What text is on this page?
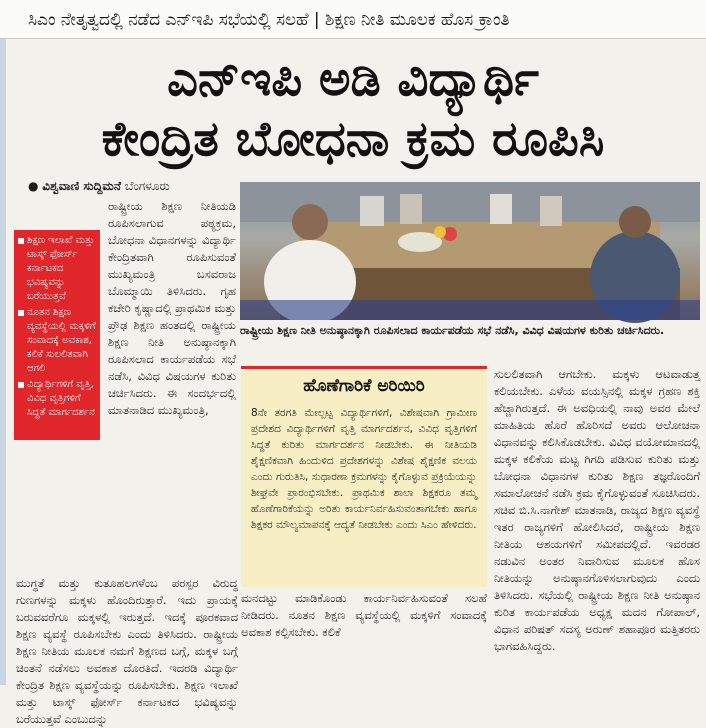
ಸಿಎಂ ನೇತೃತ್ವದಲ್ಲಿ ನಡೆದ ಎನ್‌ಇಪಿ ಸಭೆಯಲ್ಲಿ ಸಲಹೆ | ಶಿಕ್ಷಣ ನೀತಿ ಮೂಲಕ ಹೊಸ ಕ್ರಾಂತಿ
ಎನ್‌ಇಪಿ ಅಡಿ ವಿದ್ಯಾರ್ಥಿ
ಕೇಂದ್ರಿತ ಬೋಧನಾ ಕ್ರಮ ರೂಪಿಸಿ
● ವಿಶ್ವವಾಣಿ ಸುದ್ದಿಮನೆ ಬೆಂಗಳೂರು
ರಾಷ್ಟ್ರೀಯ ಶಿಕ್ಷಣ ನೀತಿಯಡಿ ರೂಪಿಸಲಾಗುವ ಪಠ್ಯಕ್ರಮ, ಬೋಧನಾ ವಿಧಾನಗಳನ್ನು ವಿದ್ಯಾರ್ಥಿ ಕೇಂದ್ರಿತವಾಗಿ ರೂಪಿಸುವಂತೆ ಮುಖ್ಯಮಂತ್ರಿ ಬಸವರಾಜ ಬೊಮ್ಮಾಯಿ ತಿಳಿಸಿದರು. ಗೃಹ ಕಚೇರಿ ಕೃಷ್ಣಾದಲ್ಲಿ ಪ್ರಾಥಮಿಕ ಮತ್ತು ಪ್ರೌಢ ಶಿಕ್ಷಣ ಹಂತದಲ್ಲಿ ರಾಷ್ಟ್ರೀಯ ಶಿಕ್ಷಣ ನೀತಿ ಅನುಷ್ಠಾನಕ್ಕಾಗಿ ರೂಪಿಸಲಾದ ಕಾರ್ಯಪಡೆಯ ಸಭೆ ನಡೆಸಿ, ವಿವಿಧ ವಿಷಯಗಳ ಕುರಿತು ಚರ್ಚಿಸಿದರು. ಈ ಸಂದರ್ಭದಲ್ಲಿ ಮಾತನಾಡಿದ ಮುಖ್ಯಮಂತ್ರಿ,
ಶಿಕ್ಷಣ ಇಲಾಖೆ ಮತ್ತು ಟಾಸ್ಕ್ ಫೋರ್ಸ್ ಕರ್ನಾಟಕದ ಭವಿಷ್ಯವನ್ನು ಬರೆಯುತ್ತವೆ
ನೂತನ ಶಿಕ್ಷಣ ವ್ಯವಸ್ಥೆಯಲ್ಲಿ ಮಕ್ಕಳಿಗೆ ಸಂವಾದಕ್ಕೆ ಅವಕಾಶ, ಕಲಿಕೆ ಸುಲಲಿತವಾಗಿ ಆಗಲಿ
ವಿದ್ಯಾರ್ಥಿಗಳಿಗೆ ವೃತ್ತಿ, ವಿವಿಧ ವೃತ್ತಿಗಳಿಗೆ ಸಿದ್ಧತೆ ಮಾರ್ಗದರ್ಶನ
ಮುಗ್ಧತೆ ಮತ್ತು ಕುತೂಹಲಗಳೆಂಬ ಪರಸ್ಪರ ವಿರುದ್ಧ ಗುಣಗಳನ್ನು ಮಕ್ಕಳು ಹೊಂದಿರುತ್ತಾರೆ. ಇದು ಪ್ರಾಯಕ್ಕೆ ಬರುವವರೆಗೂ ಮಕ್ಕಳಲ್ಲಿ ಇರುತ್ತದೆ. ಇದಕ್ಕೆ ಪೂರಕವಾದ ಶಿಕ್ಷಣ ವ್ಯವಸ್ಥೆ ರೂಪಿಸಬೇಕು ಎಂದು ತಿಳಿಸಿದರು. ರಾಷ್ಟ್ರೀಯ ಶಿಕ್ಷಣ ನೀತಿಯ ಮೂಲಕ ನಮಗೆ ಶಿಕ್ಷಣದ ಬಗ್ಗೆ, ಮಕ್ಕಳ ಬಗ್ಗೆ ಚಿಂತನೆ ನಡೆಸಲು ಅವಕಾಶ ದೊರತಿದೆ. ಇದರಡಿ ವಿದ್ಯಾರ್ಥಿ ಕೇಂದ್ರಿತ ಶಿಕ್ಷಣ ವ್ಯವಸ್ಥೆಯನ್ನು ರೂಪಿಸಬೇಕು. ಶಿಕ್ಷಣ ಇಲಾಖೆ ಮತ್ತು ಟಾಸ್ಕ್ ಫೋರ್ಸ್ ಕರ್ನಾಟಕದ ಭವಿಷ್ಯವನ್ನು ಬರೆಯುತ್ತವೆ ಎಂಬುದನ್ನು
ರಾಷ್ಟ್ರೀಯ ಶಿಕ್ಷಣ ನೀತಿ ಅನುಷ್ಠಾನಕ್ಕಾಗಿ ರೂಪಿಸಲಾದ ಕಾರ್ಯಪಡೆಯ ಸಭೆ ನಡೆಸಿ, ವಿವಿಧ ವಿಷಯಗಳ ಕುರಿತು ಚರ್ಚಿಸಿದರು.
ಹೊಣೆಗಾರಿಕೆ ಅರಿಯಿರಿ
8ನೇ ತರಗತಿ ಮೇಲ್ಪಟ್ಟ ವಿದ್ಯಾರ್ಥಿಗಳಿಗೆ, ವಿಶೇಷವಾಗಿ ಗ್ರಾಮೀಣ ಪ್ರದೇಶದ ವಿದ್ಯಾರ್ಥಿಗಳಿಗೆ ವೃತ್ತಿ ಮಾರ್ಗದರ್ಶನ, ವಿವಿಧ ವೃತ್ತಿಗಳಿಗೆ ಸಿದ್ಧತೆ ಕುರಿತು ಮಾರ್ಗದರ್ಶನ ನೀಡಬೇಕು. ಈ ನೀತಿಯಡಿ ಶೈಕ್ಷಣಿಕವಾಗಿ ಹಿಂದುಳಿದ ಪ್ರದೇಶಗಳನ್ನು ವಿಶೇಷ ಶೈಕ್ಷಣಿಕ ವಲಯ ಎಂದು ಗುರುತಿಸಿ, ಸುಧಾರಣಾ ಕ್ರಮಗಳನ್ನು ಕೈಗೊಳ್ಳುವ ಪ್ರಕ್ರಿಯೆಯನ್ನು ಶೀಘ್ರವೇ ಪ್ರಾರಂಭಿಸಬೇಕು. ಪ್ರಾಥಮಿಕ ಶಾಲಾ ಶಿಕ್ಷಕರೂ ತಮ್ಮ ಹೊಣೆಗಾರಿಕೆಯನ್ನು ಅರಿತು ಕಾರ್ಯನಿರ್ವಹಿಸುವಂತಾಗಬೇಕು ಹಾಗೂ ಶಿಕ್ಷಕರ ಮೌಲ್ಯಮಾಪನಕ್ಕೆ ಆದ್ಯತೆ ನೀಡಬೇಕು ಎಂದು ಸಿಎಂ ಹೇಳಿದರು.
ಮನದಟ್ಟು ಮಾಡಿಕೊಂಡು ಕಾರ್ಯನಿರ್ವಹಿಸುವಂತೆ ಸಲಹೆ ನೀಡಿದರು. ನೂತನ ಶಿಕ್ಷಣ ವ್ಯವಸ್ಥೆಯಲ್ಲಿ ಮಕ್ಕಳಿಗೆ ಸಂವಾದಕ್ಕೆ ಅವಕಾಶ ಕಲ್ಪಿಸಬೇಕು. ಕಲಿಕೆ
ಸುಲಲಿತವಾಗಿ ಆಗಬೇಕು. ಮಕ್ಕಳು ಆಟವಾಡುತ್ತ ಕಲಿಯಬೇಕು. ಎಳೆಯ ವಯಸ್ಸಿನಲ್ಲಿ ಮಕ್ಕಳ ಗ್ರಹಣ ಶಕ್ತಿ ಹೆಚ್ಚಾಗಿರುತ್ತದೆ. ಈ ಅವಧಿಯಲ್ಲಿ ನಾವು ಅವರ ಮೇಲೆ ಮಾಹಿತಿಯ ಹೊರೆ ಹೊರಿಸದೆ ಅವರು ಆಲೋಚನಾ ವಿಧಾನವನ್ನು ಕಲಿಸಿಕೊಡಬೇಕು. ವಿವಿಧ ವಯೋಮಾನದಲ್ಲಿ ಮಕ್ಕಳ ಕಲಿಕೆಯ ಮಟ್ಟ ಗಿಗದಿ ಪಡಿಸುವ ಕುರಿತು ಮತ್ತು ಬೋಧನಾ ವಿಧಾನಗಳ ಕುರಿತು ಶಿಕ್ಷಣ ತಜ್ಞರೊಂದಿಗೆ ಸಮಾಲೋಚನೆ ನಡೆಸಿ ಕ್ರಮ ಕೈಗೊಳ್ಳುವಂತೆ ಸೂಚಿಸಿದರು. ಸಚಿವ ಬಿ.ಸಿ.ನಾಗೇಶ್ ಮಾತನಾಡಿ, ರಾಜ್ಯದ ಶಿಕ್ಷಣ ವ್ಯವಸ್ಥೆ ಇತರ ರಾಜ್ಯಗಳಿಗೆ ಹೋಲಿಸಿದರೆ, ರಾಷ್ಟ್ರೀಯ ಶಿಕ್ಷಣ ನೀತಿಯ ಆಶಯಗಳಿಗೆ ಸಮೀಪದಲ್ಲಿದೆ. ಇವರಡರ ನಡುವಿನ ಅಂತರ ನಿವಾರಿಸುವ ಮೂಲಕ ಹೊಸ ನೀತಿಯನ್ನು ಅನುಷ್ಠಾನಗೊಳಿಸಲಾಗುವುದು ಎಂದು ತಿಳಿಸಿದರು. ಸಭೆಯಲ್ಲಿ ರಾಷ್ಟ್ರೀಯ ಶಿಕ್ಷಣ ನೀತಿ ಅನುಷ್ಠಾನ ಕುರಿತ ಕಾರ್ಯಪಡೆಯ ಅಧ್ಯಕ್ಷ ಮದನ ಗೋಪಾಲ್, ವಿಧಾನ ಪರಿಷತ್ ಸದಸ್ಯ ಅರುಣ್ ಶಹಾಪೂರ ಮತ್ತಿತರರು ಭಾಗವಹಿಸಿದ್ದರು.
